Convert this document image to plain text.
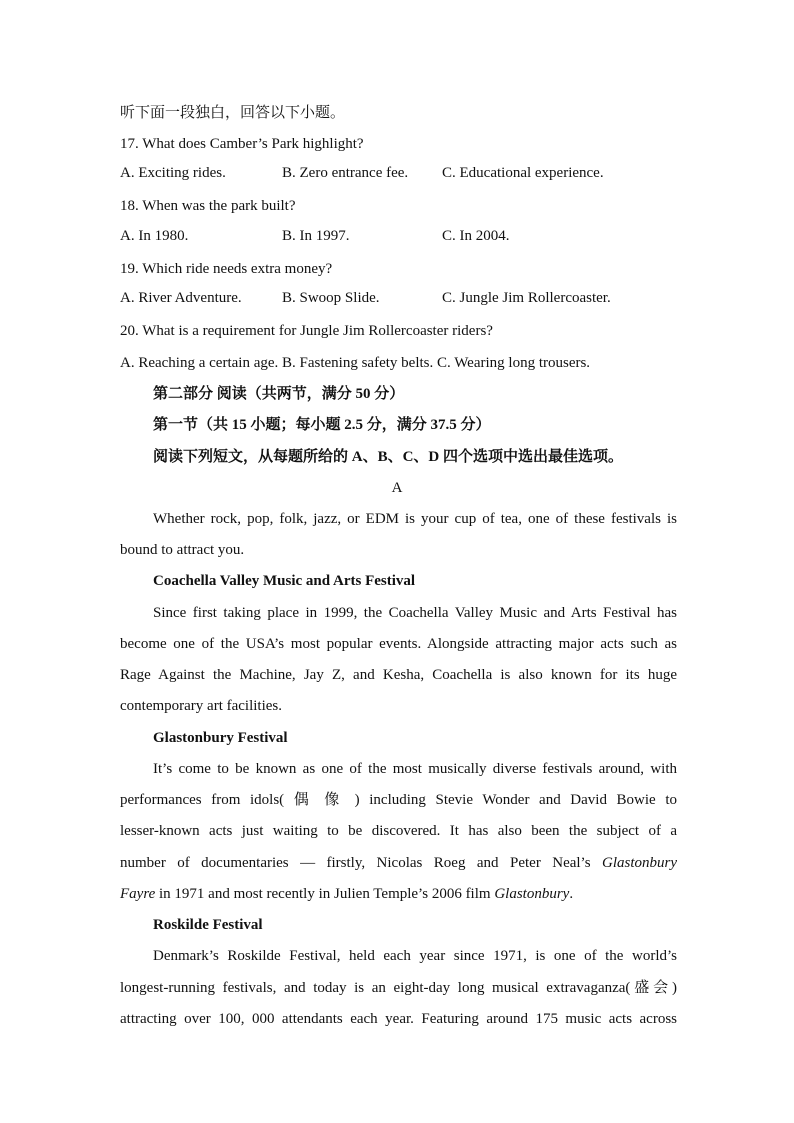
听下面一段独白，回答以下小题。
17. What does Camber’s Park highlight?
A. Exciting rides.	B. Zero entrance fee. C. Educational experience.
18. When was the park built?
A. In 1980.	B. In 1997.	C. In 2004.
19. Which ride needs extra money?
A. River Adventure.	B. Swoop Slide.	C. Jungle Jim Rollercoaster.
20. What is a requirement for Jungle Jim Rollercoaster riders?
A. Reaching a certain age. B. Fastening safety belts. C. Wearing long trousers.
第二部分 阅读（共两节，满分 50 分）
第一节（共 15 小题；每小题 2.5 分，满分 37.5 分）
阅读下列短文，从每题所给的 A、B、C、D 四个选项中选出最佳选项。
A
Whether rock, pop, folk, jazz, or EDM is your cup of tea, one of these festivals is
bound to attract you.
Coachella Valley Music and Arts Festival
Since first taking place in 1999, the Coachella Valley Music and Arts Festival has
become one of the USA’s most popular events. Alongside attracting major acts such as
Rage Against the Machine, Jay Z, and Kesha, Coachella is also known for its huge
contemporary art facilities.
Glastonbury Festival
It’s come to be known as one of the most musically diverse festivals around, with
performances from idols( 偶 像 ) including Stevie Wonder and David Bowie to
lesser-known acts just waiting to be discovered. It has also been the subject of a
number of documentaries — firstly, Nicolas Roeg and Peter Neal’s Glastonbury
Fayre in 1971 and most recently in Julien Temple’s 2006 film Glastonbury.
Roskilde Festival
Denmark’s Roskilde Festival, held each year since 1971, is one of the world’s
longest-running festivals, and today is an eight-day long musical extravaganza(盛会)
attracting over 100, 000 attendants each year. Featuring around 175 music acts across
